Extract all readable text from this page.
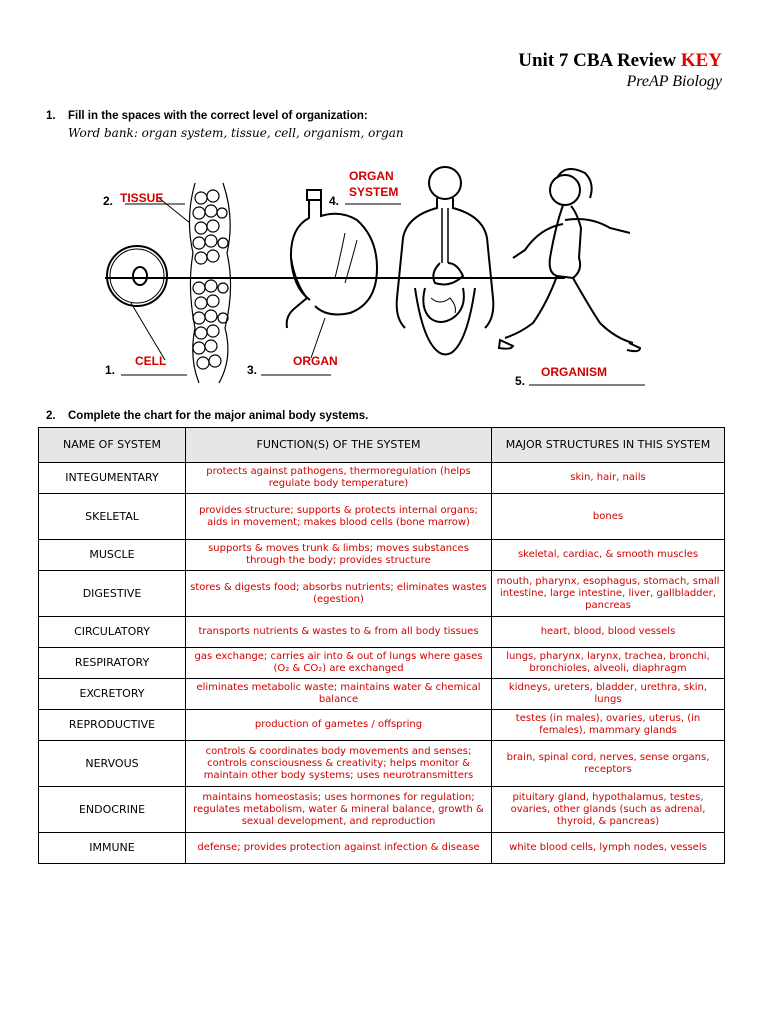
Unit 7 CBA Review KEY
PreAP Biology
1. Fill in the spaces with the correct level of organization:
Word bank: organ system, tissue, cell, organism, organ
1.
2.
3.
4.
5.
TISSUE
ORGAN SYSTEM
CELL	ORGAN
ORGANISM
2. Complete the chart for the major animal body systems.
NAME OF SYSTEM	FUNCTION(S) OF THE SYSTEM	MAJOR STRUCTURES IN THIS SYSTEM
INTEGUMENTARY	protects against pathogens, thermoregulation (helps regulate body temperature)	skin, hair, nails
SKELETAL	provides structure; supports & protects internal organs; aids in movement; makes blood cells (bone marrow)	bones
MUSCLE	supports & moves trunk & limbs; moves substances through the body; provides structure	skeletal, cardiac, & smooth muscles
DIGESTIVE	stores & digests food; absorbs nutrients; eliminates wastes (egestion)	mouth, pharynx, esophagus, stomach, small intestine, large intestine, liver, gallbladder, pancreas
CIRCULATORY	transports nutrients & wastes to & from all body tissues	heart, blood, blood vessels
RESPIRATORY	gas exchange; carries air into & out of lungs where gases (O₂ & CO₂) are exchanged	lungs, pharynx, larynx, trachea, bronchi, bronchioles, alveoli, diaphragm
EXCRETORY	eliminates metabolic waste; maintains water & chemical balance	kidneys, ureters, bladder, urethra, skin, lungs
REPRODUCTIVE	production of gametes / offspring	testes (in males), ovaries, uterus, (in females), mammary glands
NERVOUS	controls & coordinates body movements and senses; controls consciousness & creativity; helps monitor & maintain other body systems; uses neurotransmitters	brain, spinal cord, nerves, sense organs, receptors
ENDOCRINE	maintains homeostasis; uses hormones for regulation; regulates metabolism, water & mineral balance, growth & sexual development, and reproduction	pituitary gland, hypothalamus, testes, ovaries, other glands (such as adrenal, thyroid, & pancreas)
IMMUNE	defense; provides protection against infection & disease	white blood cells, lymph nodes, vessels
